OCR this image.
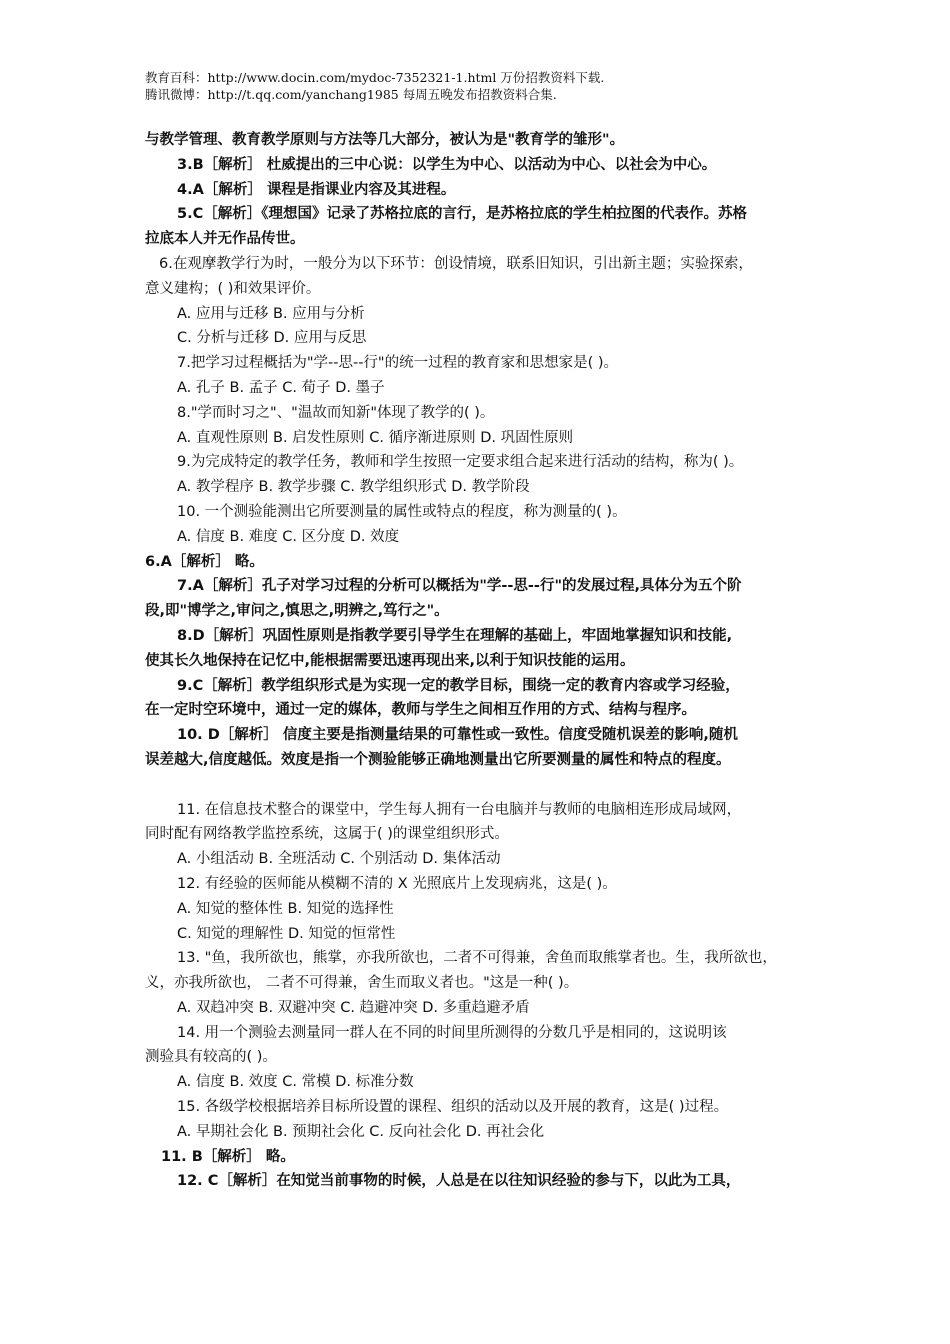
教育百科：http://www.docin.com/mydoc-7352321-1.html 万份招教资料下载.
腾讯微博：http://t.qq.com/yanchang1985 每周五晚发布招教资料合集.

与教学管理、教育教学原则与方法等几大部分，被认为是"教育学的雏形"。

3.B［解析］ 杜威提出的三中心说：以学生为中心、以活动为中心、以社会为中心。

4.A［解析］ 课程是指课业内容及其进程。

5.C［解析］《理想国》记录了苏格拉底的言行，是苏格拉底的学生柏拉图的代表作。苏格

拉底本人并无作品传世。

6.在观摩教学行为时，一般分为以下环节：创设情境，联系旧知识，引出新主题；实验探索，

意义建构；( )和效果评价。

A. 应用与迁移 B. 应用与分析

C. 分析与迁移 D. 应用与反思

7.把学习过程概括为"学--思--行"的统一过程的教育家和思想家是( )。

A. 孔子 B. 孟子 C. 荀子 D. 墨子

8."学而时习之"、"温故而知新"体现了教学的( )。

A. 直观性原则 B. 启发性原则 C. 循序渐进原则 D. 巩固性原则

9.为完成特定的教学任务，教师和学生按照一定要求组合起来进行活动的结构，称为( )。

A. 教学程序 B. 教学步骤 C. 教学组织形式 D. 教学阶段

10. 一个测验能测出它所要测量的属性或特点的程度，称为测量的( )。

A. 信度 B. 难度 C. 区分度 D. 效度

6.A［解析］ 略。

7.A［解析］孔子对学习过程的分析可以概括为"学--思--行"的发展过程,具体分为五个阶

段,即"博学之,审问之,慎思之,明辨之,笃行之"。

8.D［解析］巩固性原则是指教学要引导学生在理解的基础上，牢固地掌握知识和技能,

使其长久地保持在记忆中,能根据需要迅速再现出来,以利于知识技能的运用。

9.C［解析］教学组织形式是为实现一定的教学目标，围绕一定的教育内容或学习经验，

在一定时空环境中，通过一定的媒体，教师与学生之间相互作用的方式、结构与程序。

10. D［解析］ 信度主要是指测量结果的可靠性或一致性。信度受随机误差的影响,随机

误差越大,信度越低。效度是指一个测验能够正确地测量出它所要测量的属性和特点的程度。

11. 在信息技术整合的课堂中，学生每人拥有一台电脑并与教师的电脑相连形成局域网，

同时配有网络教学监控系统，这属于( )的课堂组织形式。

A. 小组活动 B. 全班活动 C. 个别活动 D. 集体活动

12. 有经验的医师能从模糊不清的 X 光照底片上发现病兆，这是( )。

A. 知觉的整体性 B. 知觉的选择性

C. 知觉的理解性 D. 知觉的恒常性

13. "鱼，我所欲也，熊掌，亦我所欲也，二者不可得兼，舍鱼而取熊掌者也。生，我所欲也，

义，亦我所欲也， 二者不可得兼，舍生而取义者也。"这是一种( )。

A. 双趋冲突 B. 双避冲突 C. 趋避冲突 D. 多重趋避矛盾

14. 用一个测验去测量同一群人在不同的时间里所测得的分数几乎是相同的，这说明该

测验具有较高的( )。

A. 信度 B. 效度 C. 常模 D. 标准分数

15. 各级学校根据培养目标所设置的课程、组织的活动以及开展的教育，这是( )过程。

A. 早期社会化 B. 预期社会化 C. 反向社会化 D. 再社会化

11. B［解析］ 略。

12. C［解析］在知觉当前事物的时候，人总是在以往知识经验的参与下，以此为工具，
